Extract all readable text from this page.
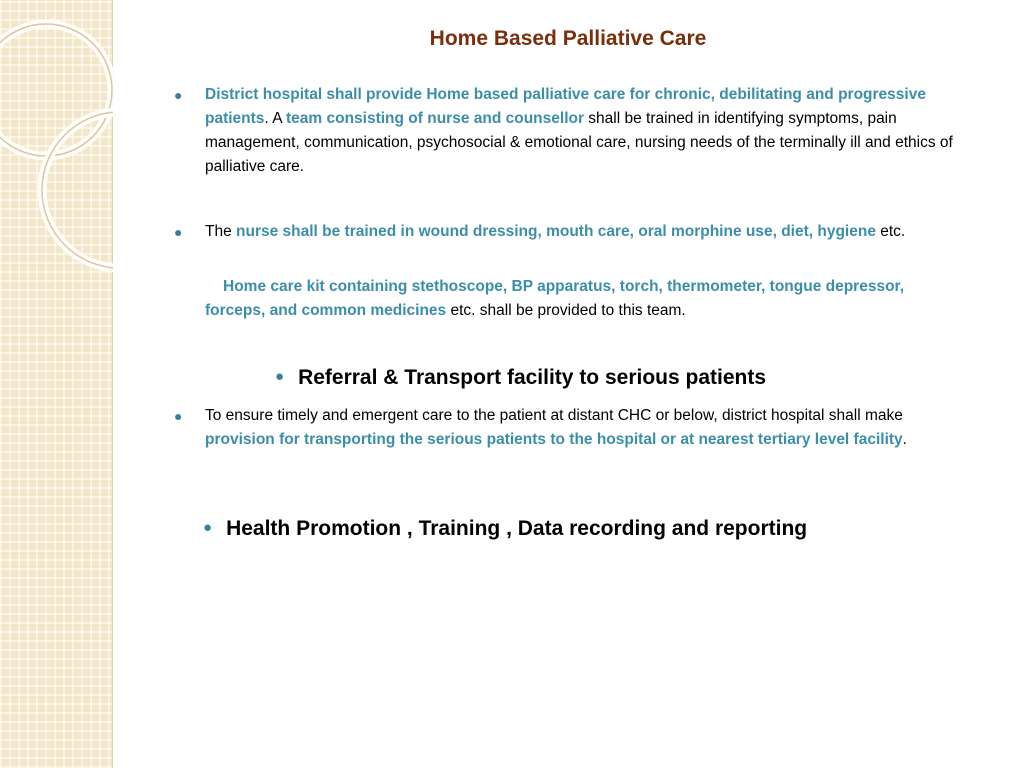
Home Based Palliative Care
● District hospital shall provide Home based palliative care for chronic, debilitating and progressive patients. A team consisting of nurse and counsellor shall be trained in identifying symptoms, pain management, communication, psychosocial & emotional care, nursing needs of the terminally ill and ethics of palliative care.
● The nurse shall be trained in wound dressing, mouth care, oral morphine use, diet, hygiene etc.
Home care kit containing stethoscope, BP apparatus, torch, thermometer, tongue depressor, forceps, and common medicines etc. shall be provided to this team.
● Referral & Transport facility to serious patients
● To ensure timely and emergent care to the patient at distant CHC or below, district hospital shall make provision for transporting the serious patients to the hospital or at nearest tertiary level facility.
● Health Promotion , Training , Data recording and reporting
